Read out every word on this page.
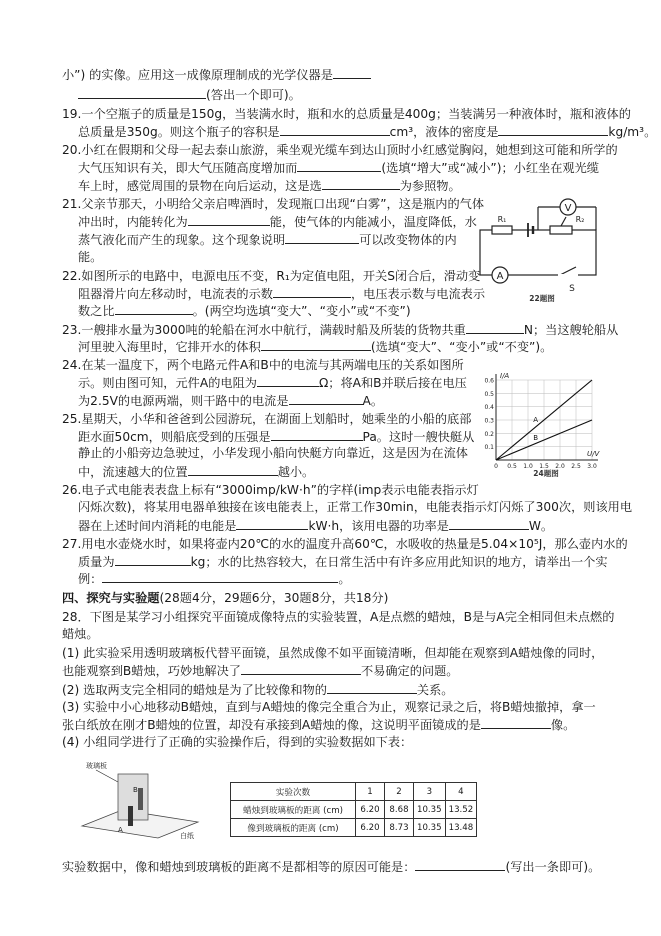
小”) 的实像。应用这一成像原理制成的光学仪器是
(答出一个即可)。
19.一个空瓶子的质量是150g，当装满水时，瓶和水的总质量是400g；当装满另一种液体时，瓶和液体的
总质量是350g。则这个瓶子的容积是	cm³，液体的密度是	kg/m³。
20.小红在假期和父母一起去泰山旅游，乘坐观光缆车到达山顶时小红感觉胸闷，她想到这可能和所学的
大气压知识有关，即大气压随高度增加而	(选填“增大”或“减小”)；小红坐在观光缆
车上时，感觉周围的景物在向后运动，这是选	为参照物。
21.父亲节那天，小明给父亲启啤酒时，发现瓶口出现“白雾”，这是瓶内的气体
冲出时，内能转化为	能，使气体的内能减小，温度降低，水
蒸气液化而产生的现象。这个现象说明	可以改变物体的内
能。
22.如图所示的电路中，电源电压不变，R₁为定值电阻，开关S闭合后，滑动变
阻器滑片向左移动时，电流表的示数	，电压表示数与电流表示
数之比	。(两空均选填“变大”、“变小”或“不变”)
23.一艘排水量为3000吨的轮船在河水中航行，满载时船及所装的货物共重	N；当这艘轮船从
河里驶入海里时，它排开水的体积	(选填“变大”、“变小”或“不变”)。
24.在某一温度下，两个电路元件A和B中的电流与其两端电压的关系如图所
示。则由图可知，元件A的电阻为	Ω；将A和B并联后接在电压
为2.5V的电源两端，则干路中的电流是	A。
25.星期天，小华和爸爸到公园游玩，在湖面上划船时，她乘坐的小船的底部
距水面50cm，则船底受到的压强是	Pa。这时一艘快艇从
静止的小船旁边急驶过，小华发现小船向快艇方向靠近，这是因为在流体
中，流速越大的位置	越小。
26.电子式电能表表盘上标有“3000imp/kW·h”的字样(imp表示电能表指示灯
闪烁次数)，将某用电器单独接在该电能表上，正常工作30min，电能表指示灯闪烁了300次，则该用电
器在上述时间内消耗的电能是	kW·h，该用电器的功率是	W。
27.用电水壶烧水时，如果将壶内20℃的水的温度升高60℃，水吸收的热量是5.04×10⁵J，那么壶内水的
质量为	kg；水的比热容较大，在日常生活中有许多应用此知识的地方，请举出一个实
例：	。
四、探究与实验题(28题4分，29题6分，30题8分，共18分)
28．下图是某学习小组探究平面镜成像特点的实验装置，A是点燃的蜡烛，B是与A完全相同但未点燃的
蜡烛。
(1) 此实验采用透明玻璃板代替平面镜，虽然成像不如平面镜清晰，但却能在观察到A蜡烛像的同时，
也能观察到B蜡烛，巧妙地解决了	不易确定的问题。
(2) 选取两支完全相同的蜡烛是为了比较像和物的	关系。
(3) 实验中小心地移动B蜡烛，直到与A蜡烛的像完全重合为止，观察记录之后，将B蜡烛撤掉，拿一
张白纸放在刚才B蜡烛的位置，却没有承接到A蜡烛的像，这说明平面镜成的是	像。
(4) 小组同学进行了正确的实验操作后，得到的实验数据如下表：
实验数据中，像和蜡烛到玻璃板的距离不是都相等的原因可能是：	(写出一条即可)。
V
R₁	R₂
A
S
22题图
I/A
U/V
0.6
0.5
0.4
0.3
0.2
0.1
0 0.5 1.0 1.5 2.0 2.5 3.0
A
B
24题图
玻璃板
B
A
白纸
实验次数	1	2	3	4
蜡烛到玻璃板的距离 (cm)	6.20	8.68	10.35	13.52
像到玻璃板的距离 (cm)	6.20	8.73	10.35	13.48
